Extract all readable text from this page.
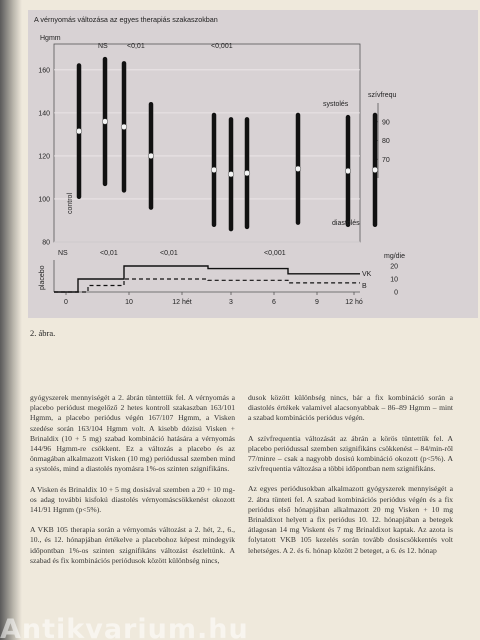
A vérnyomás változása az egyes therapiás szakaszokban
80
100
120
140
160
Hgmm
70
80
90
szívfrequ
NS	<0,01	<0,001
NS	<0,01	<0,01	<0,001
systolés
diastolés
control
0	10	12 hét	3	6	9	12 hó
VK
B
20
10
0
mg/die
placebo
2. ábra.

gyógyszerek mennyiségét a 2. ábrán tüntettük fel. A vérnyomás a placebo periódust megelőző 2 hetes kontroll szakaszban 163/101 Hgmm, a placebo periódus végén 167/107 Hgmm, a Visken szedése során 163/104 Hgmm volt. A kisebb dózisú Visken + Brinaldix (10 + 5 mg) szabad kombináció hatására a vérnyomás 144/96 Hgmm-re csökkent. Ez a változás a placebo és az önmagában alkalmazott Visken (10 mg) periódussal szemben mind a systolés, mind a diastolés nyomásra 1%-os szinten szignifikáns.

A Visken és Brinaldix 10 + 5 mg dosisával szemben a 20 + 10 mg-os adag további kisfokú diastolés vérnyomáscsökkenést okozott 141/91 Hgmm (p<5%).

A VKB 105 therapia során a vérnyomás változást a 2. hét, 2., 6., 10., és 12. hónapjában értékelve a placebohoz képest mindegyik időpontban 1%-os szinten szignifikáns változást észleltünk. A szabad és fix kombinációs periódusok között különbség nincs,

dusok között különbség nincs, bár a fix kombináció során a diastolés értékek valamivel alacsonyabbak – 86–89 Hgmm – mint a szabad kombinációs periódus végén.

A szívfrequentia változását az ábrán a körös tüntettük fel. A placebo periódussal szemben szignifikáns csökkenést – 84/min-ről 77/minre – csak a nagyobb dosisú kombináció okozott (p<5%). A szívfrequentia változása a többi időpontban nem szignifikáns.

Az egyes periódusokban alkalmazott gyógyszerek mennyiségét a 2. ábra tünteti fel. A szabad kombinációs periódus végén és a fix periódus első hónapjában alkalmazott 20 mg Visken + 10 mg Brinaldixot helyett a fix periódus 10. 12. hónapjában a betegek átlagosan 14 mg Viskent és 7 mg Brinaldixot kaptak. Az azota is folytatott VKB 105 kezelés során tovább dosiscsökkentés volt lehetséges. A 2. és 6. hónap között 2 beteget, a 6. és 12. hónap

Antikvarium.hu
